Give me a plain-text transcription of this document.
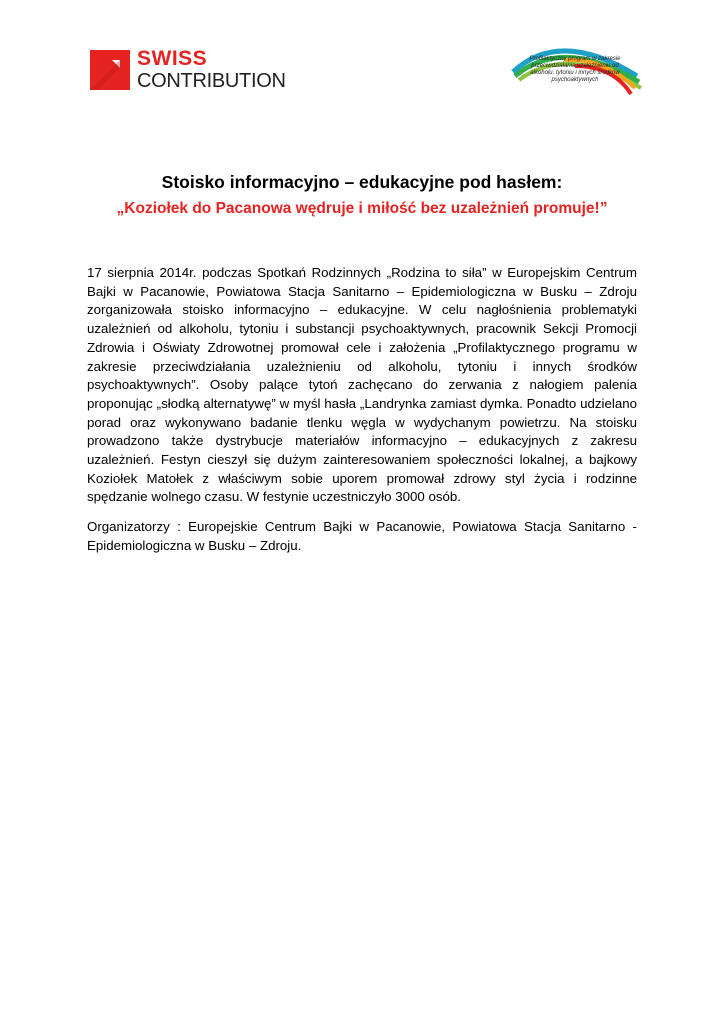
SWISS
CONTRIBUTION
Profilaktyczny program w zakresie przeciwdziałania uzależnieniu od alkoholu, tytoniu i innych środków psychoaktywnych
Stoisko informacyjno – edukacyjne pod hasłem:
„Koziołek do Pacanowa wędruje i miłość bez uzależnień promuje!”

17 sierpnia 2014r. podczas Spotkań Rodzinnych „Rodzina to siła” w Europejskim Centrum Bajki w Pacanowie, Powiatowa Stacja Sanitarno – Epidemiologiczna w Busku – Zdroju zorganizowała stoisko informacyjno – edukacyjne. W celu nagłośnienia problematyki uzależnień od alkoholu, tytoniu i substancji psychoaktywnych, pracownik Sekcji Promocji Zdrowia i Oświaty Zdrowotnej promował cele i założenia „Profilaktycznego programu w zakresie przeciwdziałania uzależnieniu od alkoholu, tytoniu i innych środków psychoaktywnych”. Osoby palące tytoń zachęcano do zerwania z nałogiem palenia proponując „słodką alternatywę” w myśl hasła „Landrynka zamiast dymka. Ponadto udzielano porad oraz wykonywano badanie tlenku węgla w wydychanym powietrzu. Na stoisku prowadzono także dystrybucje materiałów informacyjno – edukacyjnych z zakresu uzależnień. Festyn cieszył się dużym zainteresowaniem społeczności lokalnej, a bajkowy Koziołek Matołek z właściwym sobie uporem promował zdrowy styl życia i rodzinne spędzanie wolnego czasu. W festynie uczestniczyło 3000 osób.

Organizatorzy : Europejskie Centrum Bajki w Pacanowie, Powiatowa Stacja Sanitarno - Epidemiologiczna w Busku – Zdroju.
